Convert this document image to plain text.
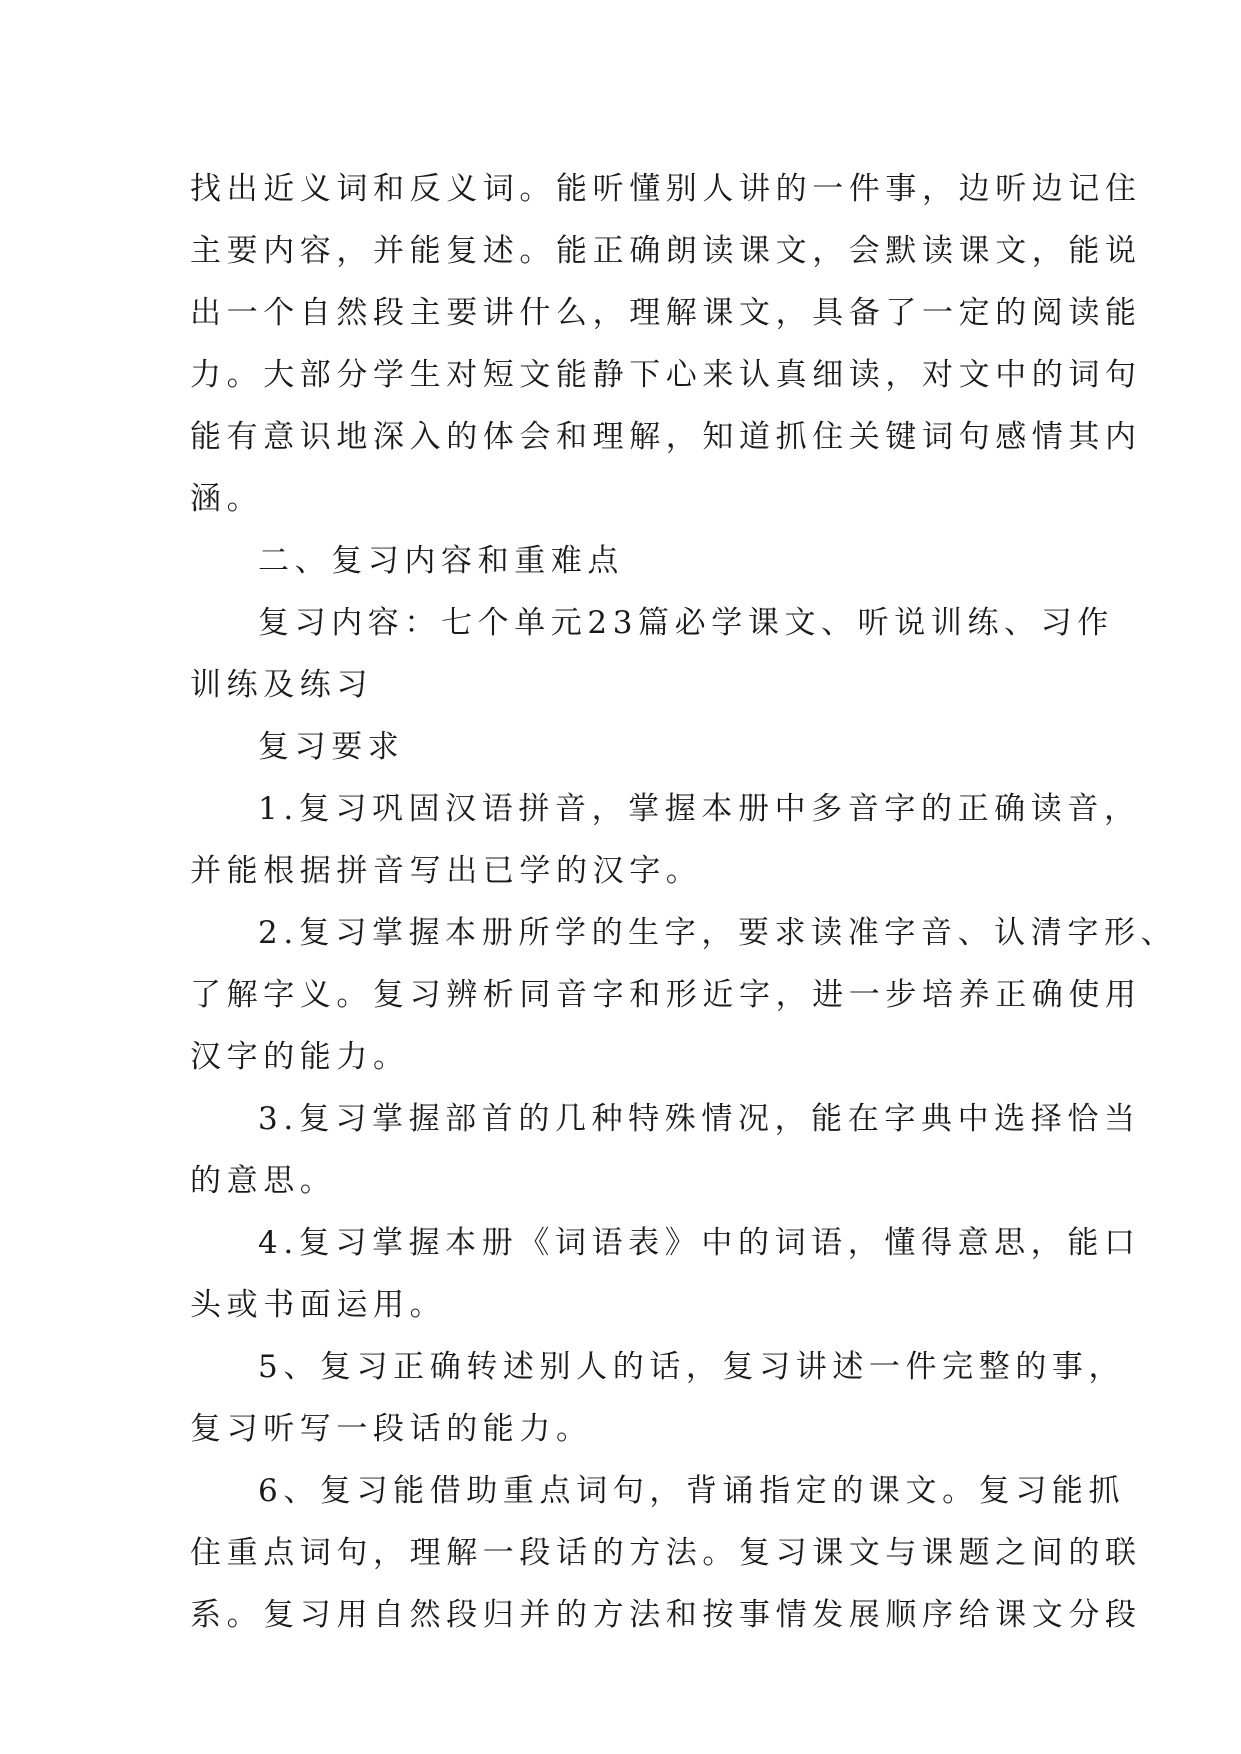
找出近义词和反义词。能听懂别人讲的一件事，边听边记住
主要内容，并能复述。能正确朗读课文，会默读课文，能说
出一个自然段主要讲什么，理解课文，具备了一定的阅读能
力。大部分学生对短文能静下心来认真细读，对文中的词句
能有意识地深入的体会和理解，知道抓住关键词句感情其内
涵。
二、复习内容和重难点
复习内容：七个单元23篇必学课文、听说训练、习作
训练及练习
复习要求
1.复习巩固汉语拼音，掌握本册中多音字的正确读音，
并能根据拼音写出已学的汉字。
2.复习掌握本册所学的生字，要求读准字音、认清字形、
了解字义。复习辨析同音字和形近字，进一步培养正确使用
汉字的能力。
3.复习掌握部首的几种特殊情况，能在字典中选择恰当
的意思。
4.复习掌握本册《词语表》中的词语，懂得意思，能口
头或书面运用。
5、复习正确转述别人的话，复习讲述一件完整的事，
复习听写一段话的能力。
6、复习能借助重点词句，背诵指定的课文。复习能抓
住重点词句，理解一段话的方法。复习课文与课题之间的联
系。复习用自然段归并的方法和按事情发展顺序给课文分段
